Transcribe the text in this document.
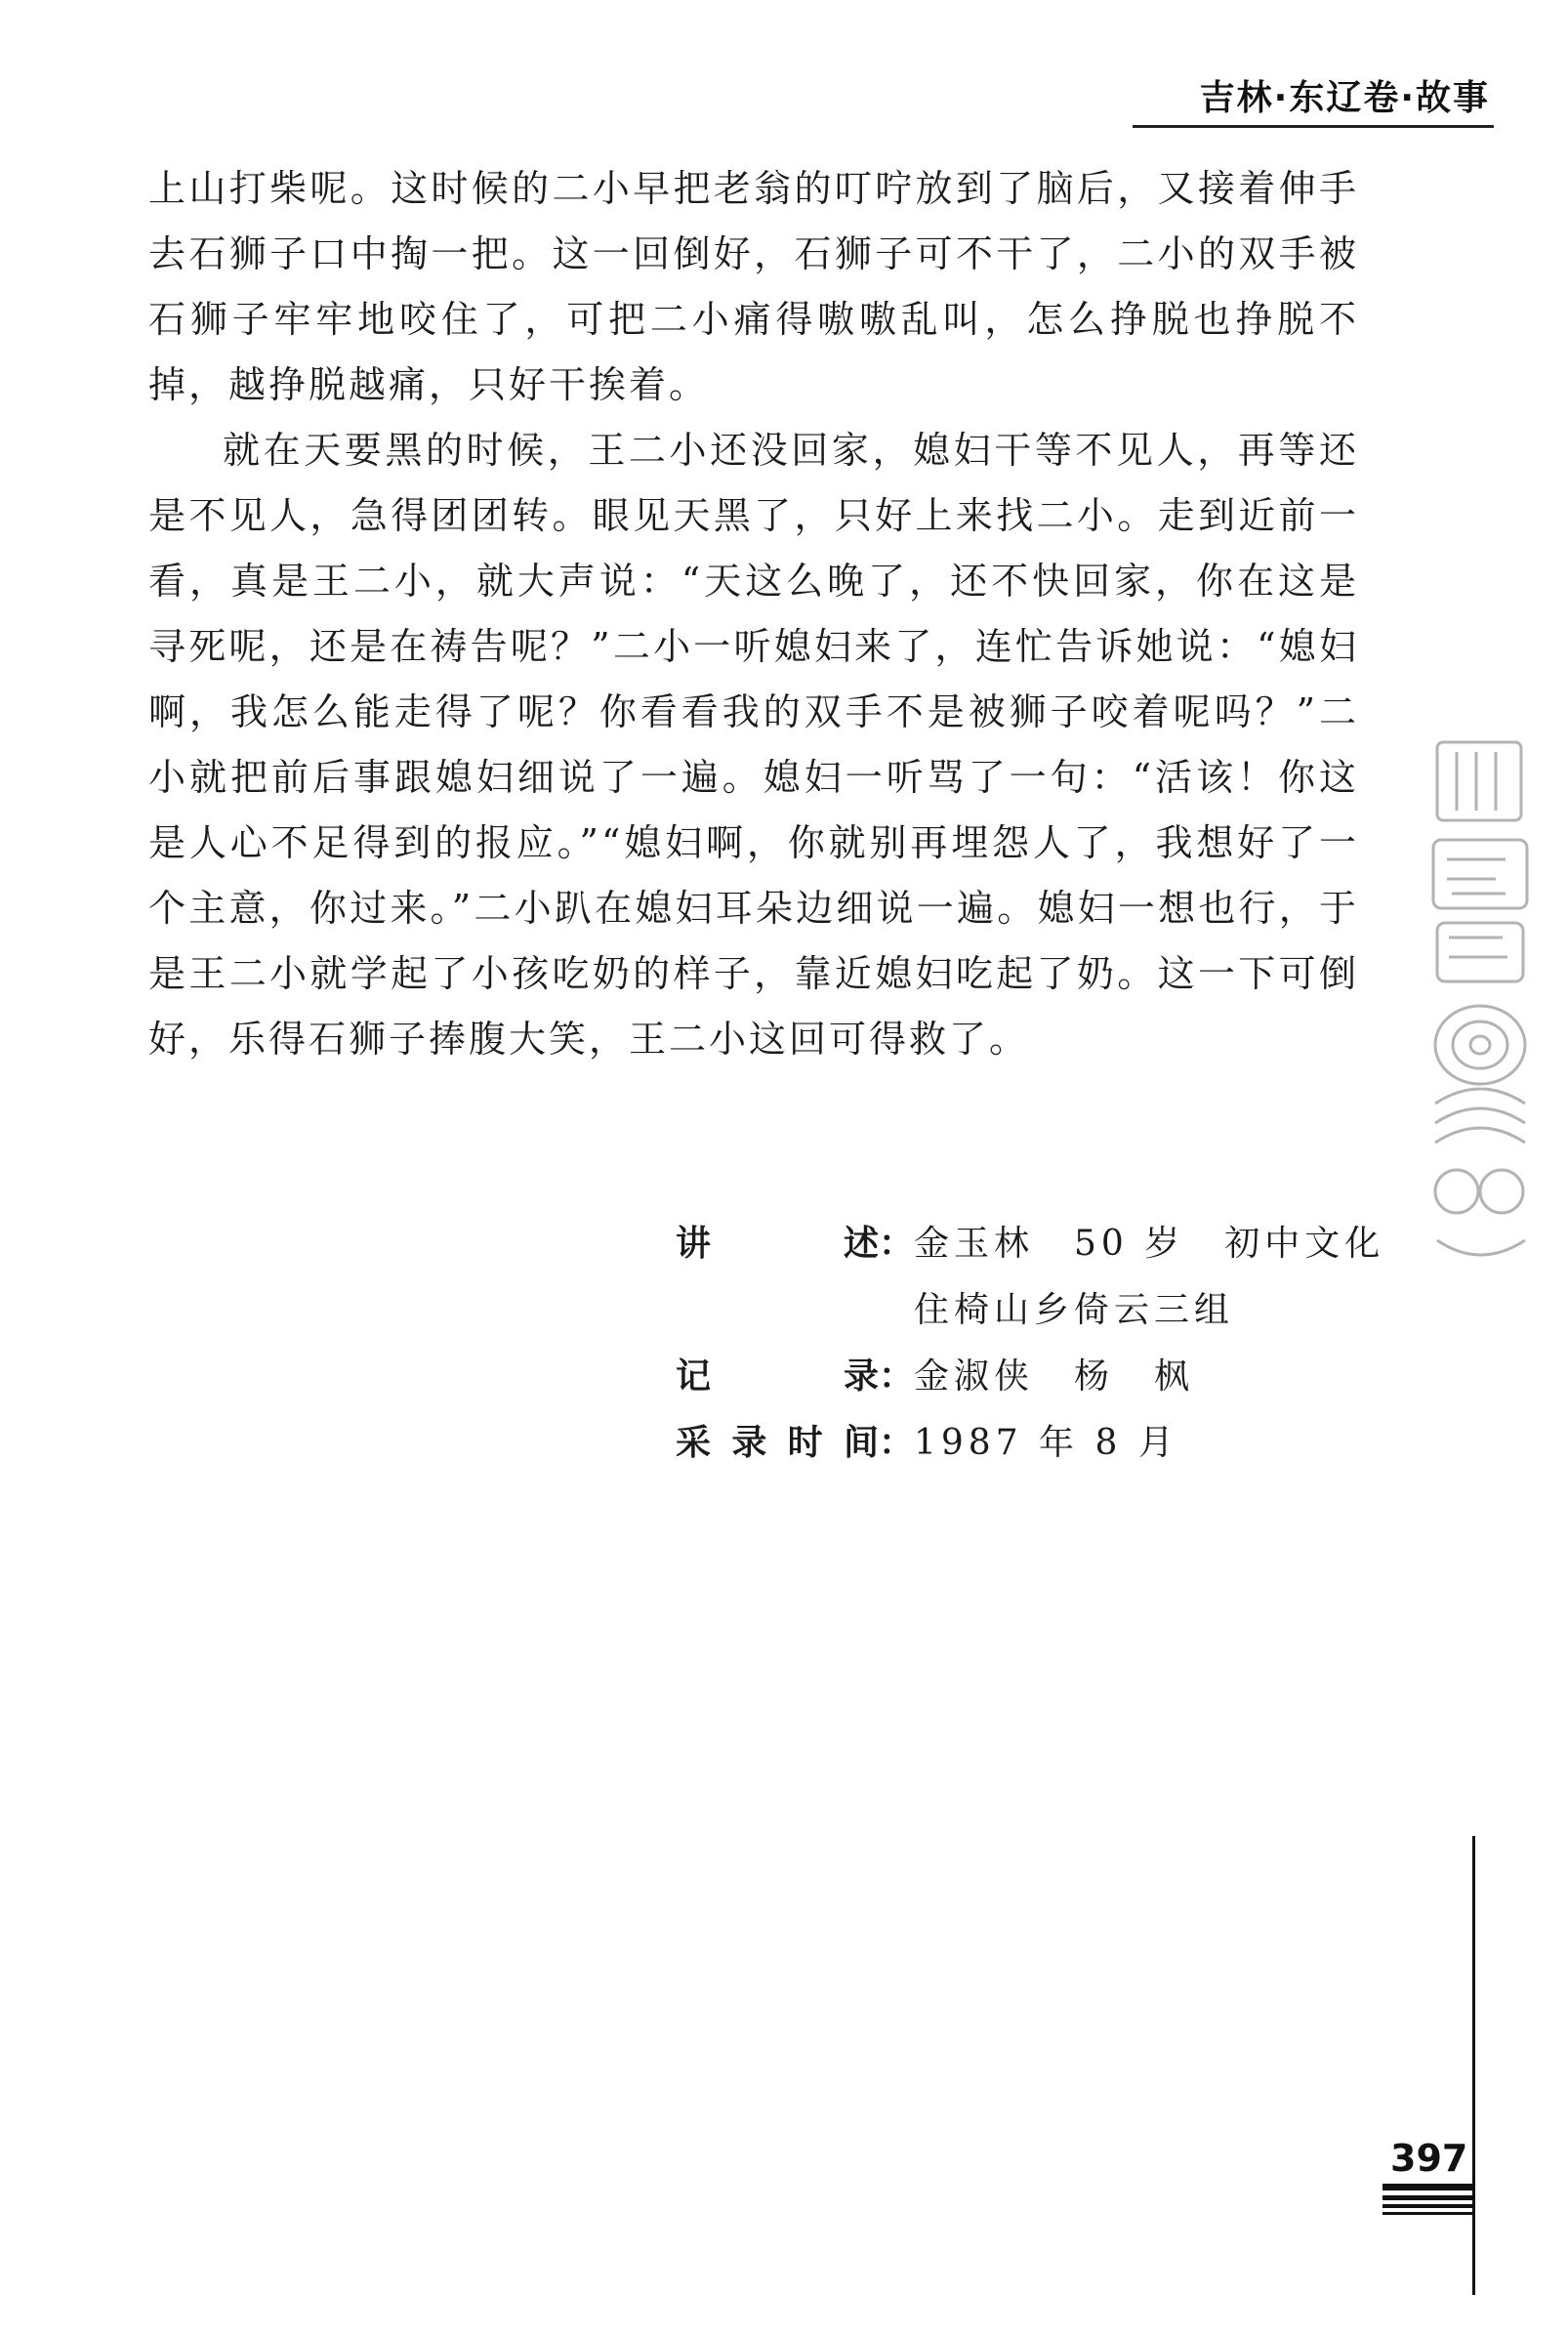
吉林·东辽卷·故事

上山打柴呢。这时候的二小早把老翁的叮咛放到了脑后，又接着伸手去石狮子口中掏一把。这一回倒好，石狮子可不干了，二小的双手被石狮子牢牢地咬住了，可把二小痛得嗷嗷乱叫，怎么挣脱也挣脱不掉，越挣脱越痛，只好干挨着。

就在天要黑的时候，王二小还没回家，媳妇干等不见人，再等还是不见人，急得团团转。眼见天黑了，只好上来找二小。走到近前一看，真是王二小，就大声说：“天这么晚了，还不快回家，你在这是寻死呢，还是在祷告呢？”二小一听媳妇来了，连忙告诉她说：“媳妇啊，我怎么能走得了呢？你看看我的双手不是被狮子咬着呢吗？”二小就把前后事跟媳妇细说了一遍。媳妇一听骂了一句：“活该！你这是人心不足得到的报应。”“媳妇啊，你就别再埋怨人了，我想好了一个主意，你过来。”二小趴在媳妇耳朵边细说一遍。媳妇一想也行，于是王二小就学起了小孩吃奶的样子，靠近媳妇吃起了奶。这一下可倒好，乐得石狮子捧腹大笑，王二小这回可得救了。

讲述 ： 金玉林　50 岁　初中文化
住椅山乡倚云三组
记录 ： 金淑侠　杨　枫
采录时间 ： 1987 年 8 月
397
